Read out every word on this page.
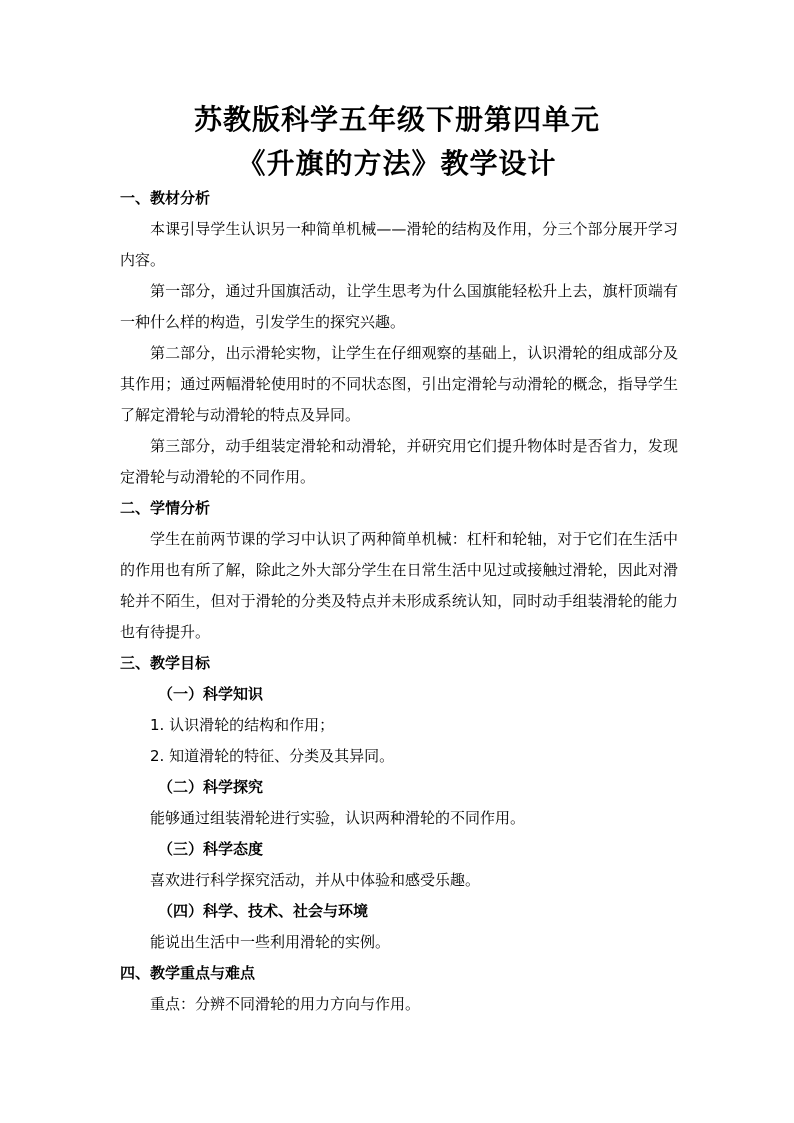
苏教版科学五年级下册第四单元
《升旗的方法》教学设计

一、教材分析

本课引导学生认识另一种简单机械——滑轮的结构及作用，分三个部分展开学习内容。

第一部分，通过升国旗活动，让学生思考为什么国旗能轻松升上去，旗杆顶端有一种什么样的构造，引发学生的探究兴趣。

第二部分，出示滑轮实物，让学生在仔细观察的基础上，认识滑轮的组成部分及其作用；通过两幅滑轮使用时的不同状态图，引出定滑轮与动滑轮的概念，指导学生了解定滑轮与动滑轮的特点及异同。

第三部分，动手组装定滑轮和动滑轮，并研究用它们提升物体时是否省力，发现定滑轮与动滑轮的不同作用。

二、学情分析

学生在前两节课的学习中认识了两种简单机械：杠杆和轮轴，对于它们在生活中的作用也有所了解，除此之外大部分学生在日常生活中见过或接触过滑轮，因此对滑轮并不陌生，但对于滑轮的分类及特点并未形成系统认知，同时动手组装滑轮的能力也有待提升。

三、教学目标

（一）科学知识

1. 认识滑轮的结构和作用；

2. 知道滑轮的特征、分类及其异同。

（二）科学探究

能够通过组装滑轮进行实验，认识两种滑轮的不同作用。

（三）科学态度

喜欢进行科学探究活动，并从中体验和感受乐趣。

（四）科学、技术、社会与环境

能说出生活中一些利用滑轮的实例。

四、教学重点与难点

重点：分辨不同滑轮的用力方向与作用。
